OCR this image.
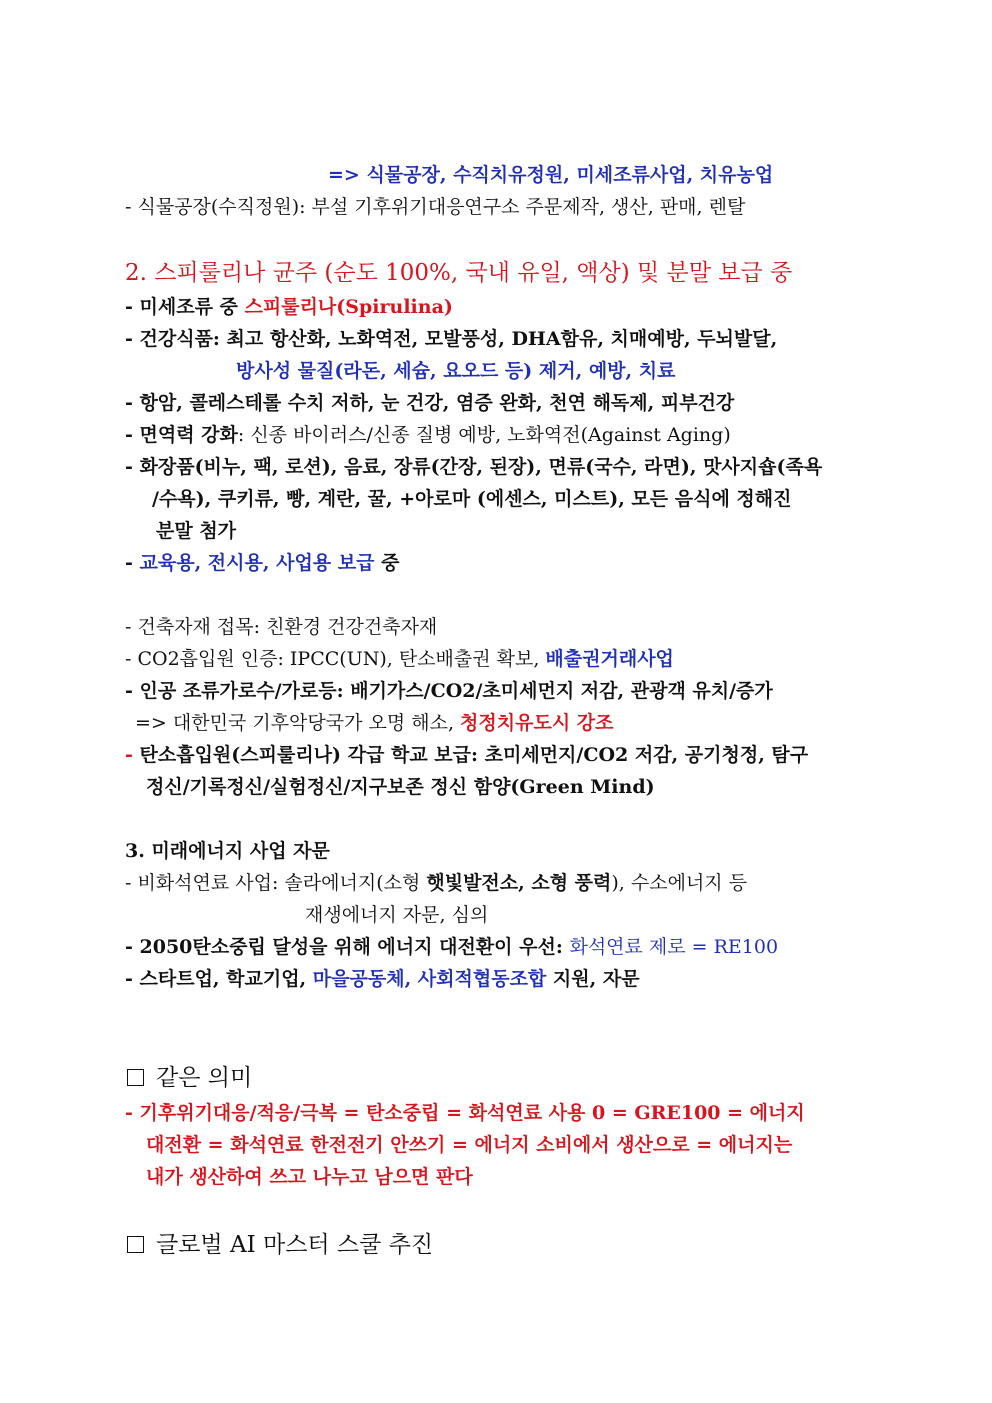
=> 식물공장, 수직치유정원, 미세조류사업, 치유농업
- 식물공장(수직정원): 부설 기후위기대응연구소 주문제작, 생산, 판매, 렌탈
2. 스피룰리나 균주 (순도 100%, 국내 유일, 액상) 및 분말 보급 중
- 미세조류 중 스피룰리나(Spirulina)
- 건강식품: 최고 항산화, 노화역전, 모발풍성, DHA함유, 치매예방, 두뇌발달,
방사성 물질(라돈, 세슘, 요오드 등) 제거, 예방, 치료
- 항암, 콜레스테롤 수치 저하, 눈 건강, 염증 완화, 천연 해독제, 피부건강
- 면역력 강화: 신종 바이러스/신종 질병 예방, 노화역전(Against Aging)
- 화장품(비누, 팩, 로션), 음료, 장류(간장, 된장), 면류(국수, 라면), 맛사지숍(족욕
/수욕), 쿠키류, 빵, 계란, 꿀, +아로마 (에센스, 미스트), 모든 음식에 정해진
분말 첨가
- 교육용, 전시용, 사업용 보급 중
- 건축자재 접목: 친환경 건강건축자재
- CO2흡입원 인증: IPCC(UN), 탄소배출권 확보, 배출권거래사업
- 인공 조류가로수/가로등: 배기가스/CO2/초미세먼지 저감, 관광객 유치/증가
=> 대한민국 기후악당국가 오명 해소, 청정치유도시 강조
- 탄소흡입원(스피룰리나) 각급 학교 보급: 초미세먼지/CO2 저감, 공기청정, 탐구
정신/기록정신/실험정신/지구보존 정신 함양(Green Mind)
3. 미래에너지 사업 자문
- 비화석연료 사업: 솔라에너지(소형 햇빛발전소, 소형 풍력), 수소에너지 등
재생에너지 자문, 심의
- 2050탄소중립 달성을 위해 에너지 대전환이 우선: 화석연료 제로 = RE100
- 스타트업, 학교기업, 마을공동체, 사회적협동조합 지원, 자문
같은 의미
- 기후위기대응/적응/극복 = 탄소중립 = 화석연료 사용 0 = GRE100 = 에너지
대전환 = 화석연료 한전전기 안쓰기 = 에너지 소비에서 생산으로 = 에너지는
내가 생산하여 쓰고 나누고 남으면 판다
글로벌 AI 마스터 스쿨 추진
